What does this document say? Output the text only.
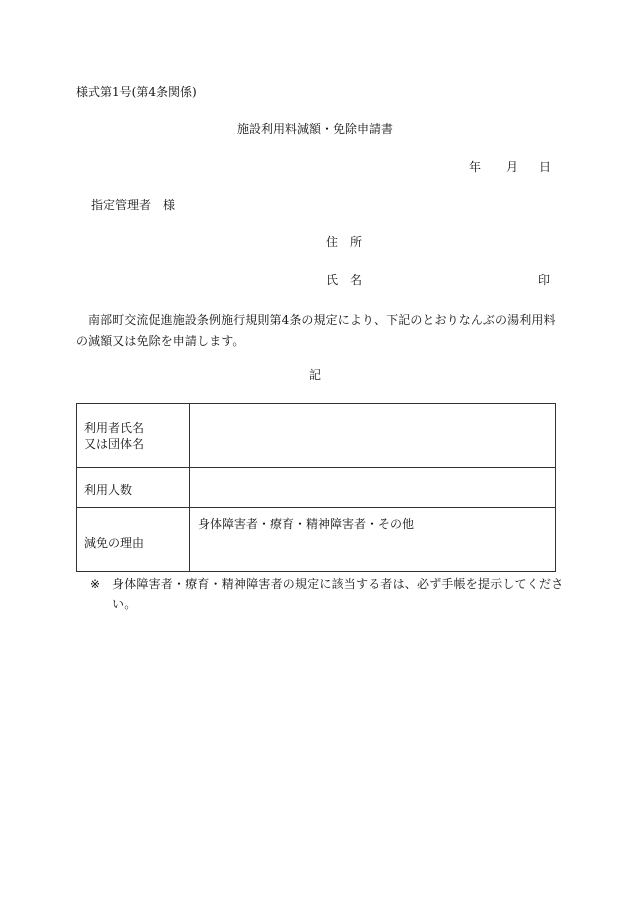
様式第1号(第4条関係)
施設利用料減額・免除申請書
年 月 日
指定管理者　様
住所
氏名	印
南部町交流促進施設条例施行規則第4条の規定により、下記のとおりなんぶの湯利用料の減額又は免除を申請します。
記
利用者氏名
又は団体名	

利用人数	

減免の理由	身体障害者・療育・精神障害者・その他
※ 身体障害者・療育・精神障害者の規定に該当する者は、必ず手帳を提示してください。
